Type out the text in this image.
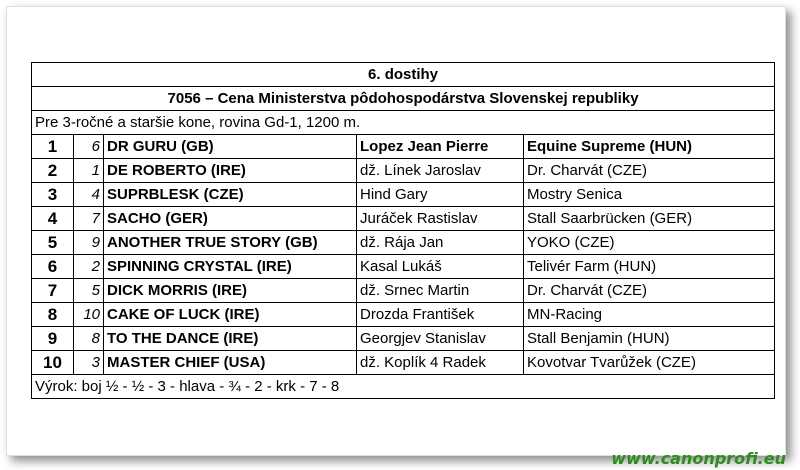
6. dostihy				
7056 – Cena Ministerstva pôdohospodárstva Slovenskej republiky				
Pre 3-ročné a staršie kone, rovina Gd-1, 1200 m.				
1	6	DR GURU (GB)	Lopez Jean Pierre	Equine Supreme (HUN)
2	1	DE ROBERTO (IRE)	dž. Línek Jaroslav	Dr. Charvát (CZE)
3	4	SUPRBLESK (CZE)	Hind Gary	Mostry Senica
4	7	SACHO (GER)	Juráček Rastislav	Stall Saarbrücken (GER)
5	9	ANOTHER TRUE STORY (GB)	dž. Rája Jan	YOKO (CZE)
6	2	SPINNING CRYSTAL (IRE)	Kasal Lukáš	Telivér Farm (HUN)
7	5	DICK MORRIS (IRE)	dž. Srnec Martin	Dr. Charvát (CZE)
8	10	CAKE OF LUCK (IRE)	Drozda František	MN-Racing
9	8	TO THE DANCE (IRE)	Georgjev Stanislav	Stall Benjamin (HUN)
10	3	MASTER CHIEF (USA)	dž. Koplík 4 Radek	Kovotvar Tvarůžek (CZE)
Výrok: boj ½ - ½ - 3 - hlava - ¾ - 2 - krk - 7 - 8				
www.canonprofi.eu
